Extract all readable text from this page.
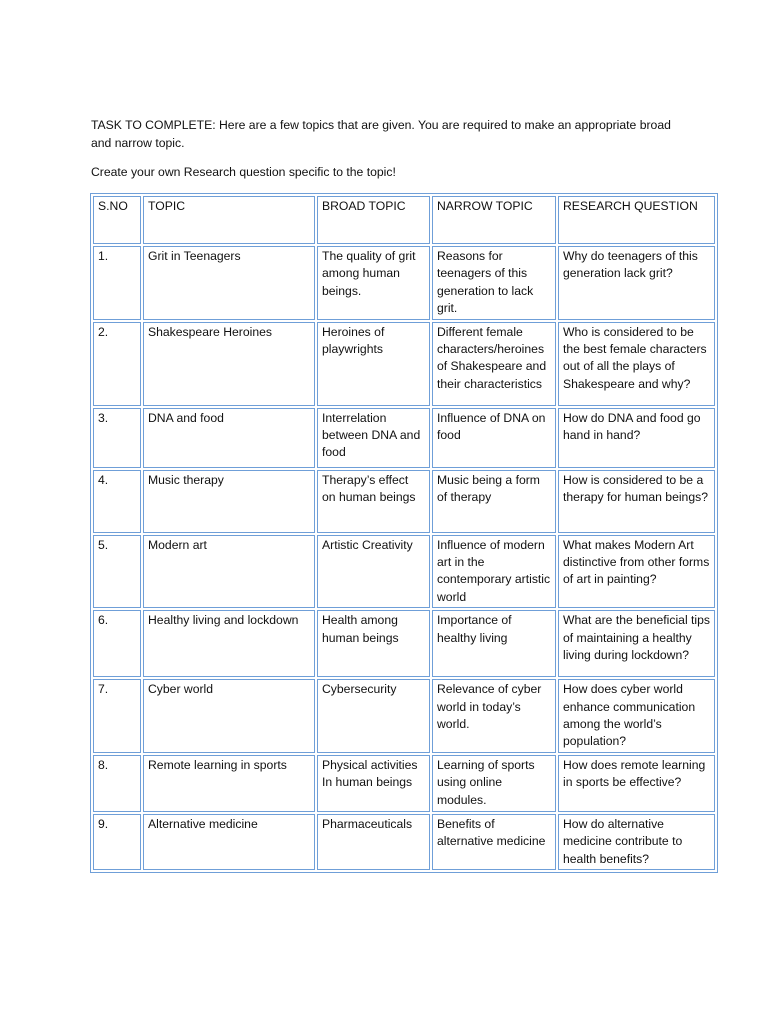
TASK TO COMPLETE: Here are a few topics that are given. You are required to make an appropriate broad and narrow topic.

Create your own Research question specific to the topic!

S.NO	TOPIC	BROAD TOPIC	NARROW TOPIC	RESEARCH QUESTION
1.	Grit in Teenagers	The quality of grit among human beings.	Reasons for teenagers of this generation to lack grit.	Why do teenagers of this generation lack grit?
2.	Shakespeare Heroines	Heroines of playwrights	Different female characters/heroines of Shakespeare and their characteristics	Who is considered to be the best female characters out of all the plays of Shakespeare and why?
3.	DNA and food	Interrelation between DNA and food	Influence of DNA on food	How do DNA and food go hand in hand?
4.	Music therapy	Therapy’s effect on human beings	Music being a form of therapy	How is considered to be a therapy for human beings?
5.	Modern art	Artistic Creativity	Influence of modern art in the contemporary artistic world	What makes Modern Art distinctive from other forms of art in painting?
6.	Healthy living and lockdown	Health among human beings	Importance of healthy living	What are the beneficial tips of maintaining a healthy living during lockdown?
7.	Cyber world	Cybersecurity	Relevance of cyber world in today’s world.	How does cyber world enhance communication among the world’s population?
8.	Remote learning in sports	Physical activities In human beings	Learning of sports using online modules.	How does remote learning in sports be effective?
9.	Alternative medicine	Pharmaceuticals	Benefits of alternative medicine	How do alternative medicine contribute to health benefits?
